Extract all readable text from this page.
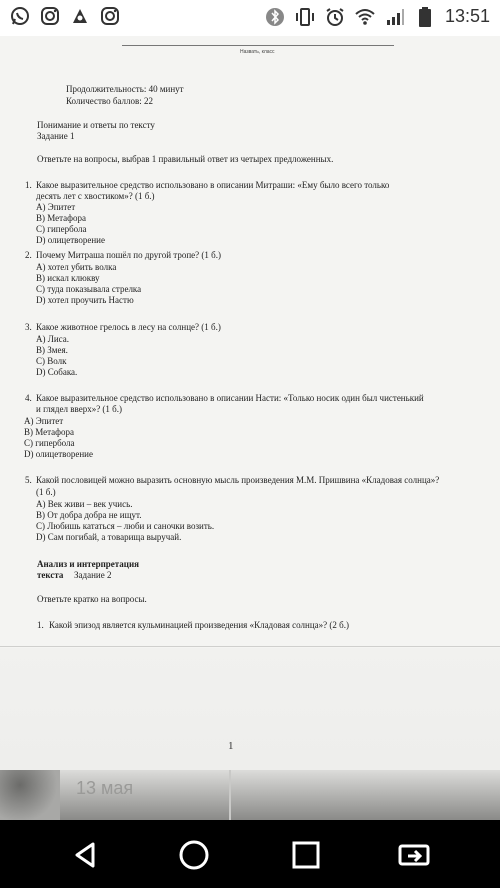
13:51
Назвать, класс
Продолжительность: 40 минут
Количество баллов: 22
Понимание и ответы по тексту
Задание 1
Ответьте на вопросы, выбрав 1 правильный ответ из четырех предложенных.
1. Какое выразительное средство использовано в описании Митраши: «Ему было всего только
десять лет с хвостиком»? (1 б.)
A) Эпитет
B) Метафора
C) гипербола
D) олицетворение
2. Почему Митраша пошёл по другой тропе? (1 б.)
A) хотел убить волка
B) искал клюкву
C) туда показывала стрелка
D) хотел проучить Настю
3. Какое животное грелось в лесу на солнце? (1 б.)
A) Лиса.
B) Змея.
C) Волк
D) Собака.
4. Какое выразительное средство использовано в описании Насти: «Только носик один был чистенький
и глядел вверх»? (1 б.)
A) Эпитет
B) Метафора
C) гипербола
D) олицетворение
5. Какой пословицей можно выразить основную мысль произведения М.М. Пришвина «Кладовая солнца»?
(1 б.)
A) Век живи – век учись.
B) От добра добра не ищут.
C) Любишь кататься – люби и саночки возить.
D) Сам погибай, а товарища выручай.
Анализ и интерпретация
текста Задание 2
Ответьте кратко на вопросы.
1. Какой эпизод является кульминацией произведения «Кладовая солнца»? (2 б.)
1
13 мая
